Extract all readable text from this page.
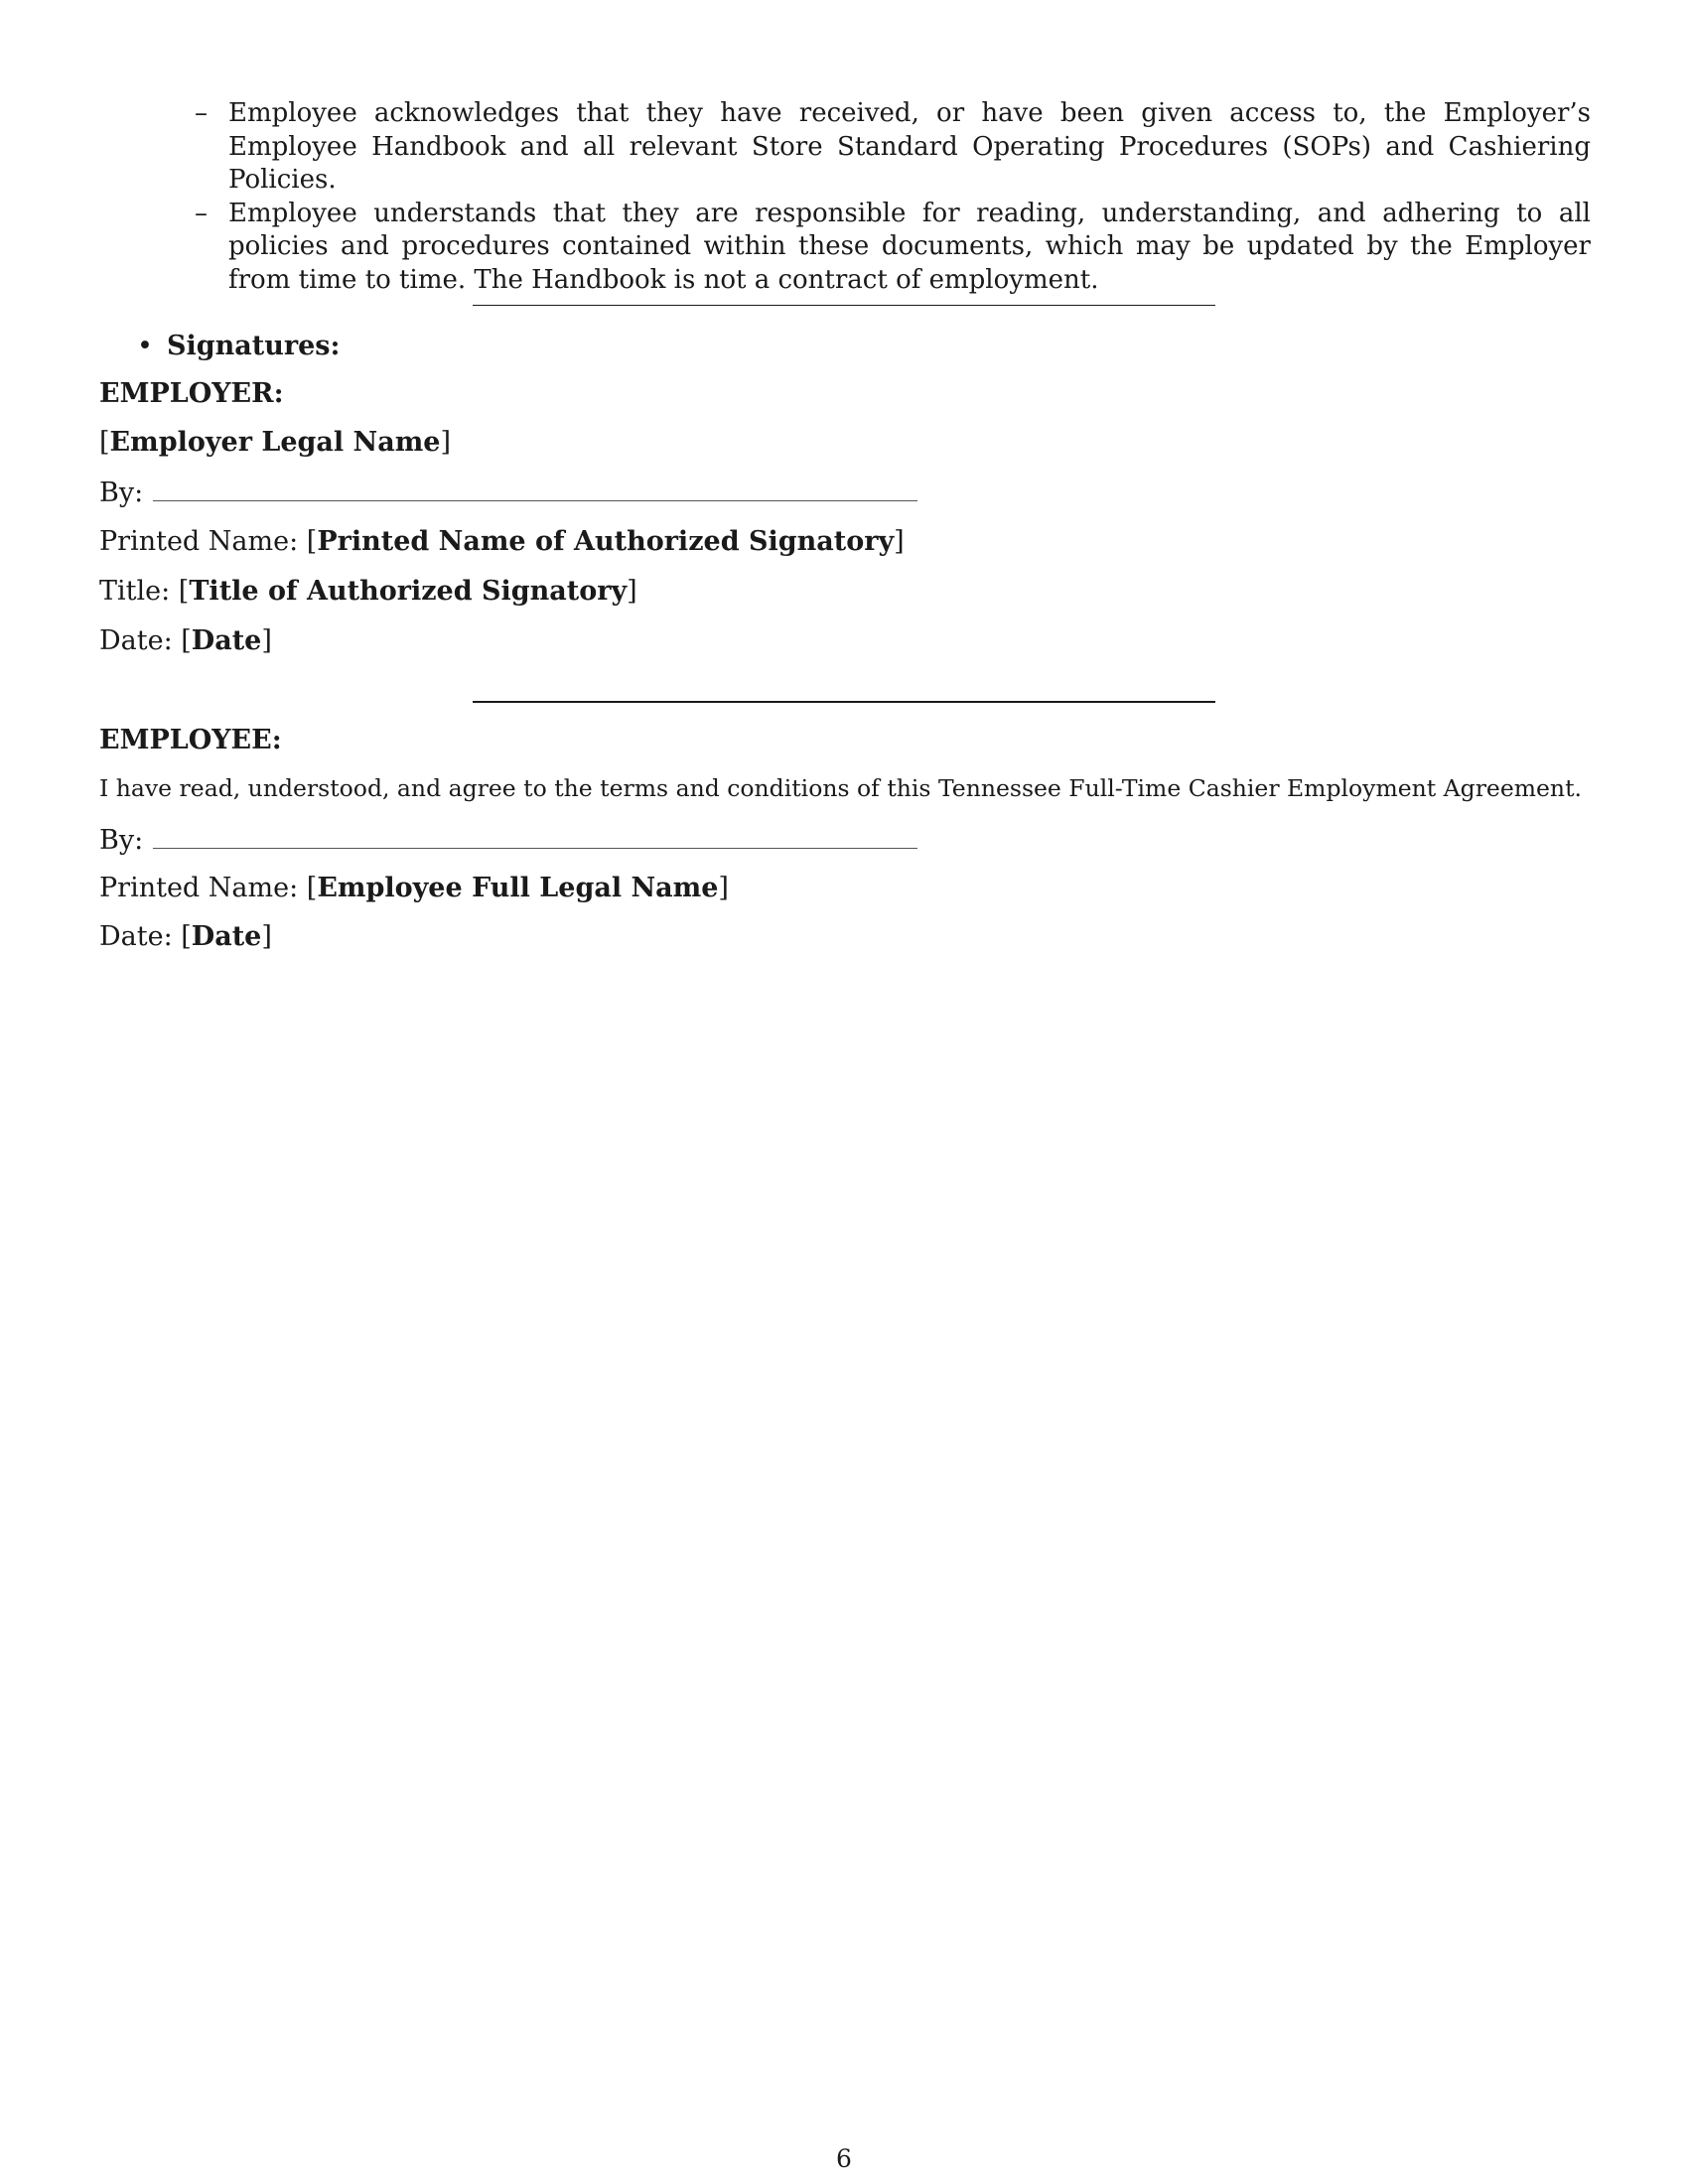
– Employee acknowledges that they have received, or have been given access to, the Employer’s Employee Handbook and all relevant Store Standard Operating Procedures (SOPs) and Cashiering Policies.
– Employee understands that they are responsible for reading, understanding, and adhering to all policies and procedures contained within these documents, which may be updated by the Employer from time to time. The Handbook is not a contract of employment.
• Signatures:
EMPLOYER:
[Employer Legal Name]
By:
Printed Name: [Printed Name of Authorized Signatory]
Title: [Title of Authorized Signatory]
Date: [Date]
EMPLOYEE:
I have read, understood, and agree to the terms and conditions of this Tennessee Full-Time Cashier Employment Agreement.
By:
Printed Name: [Employee Full Legal Name]
Date: [Date]
6
